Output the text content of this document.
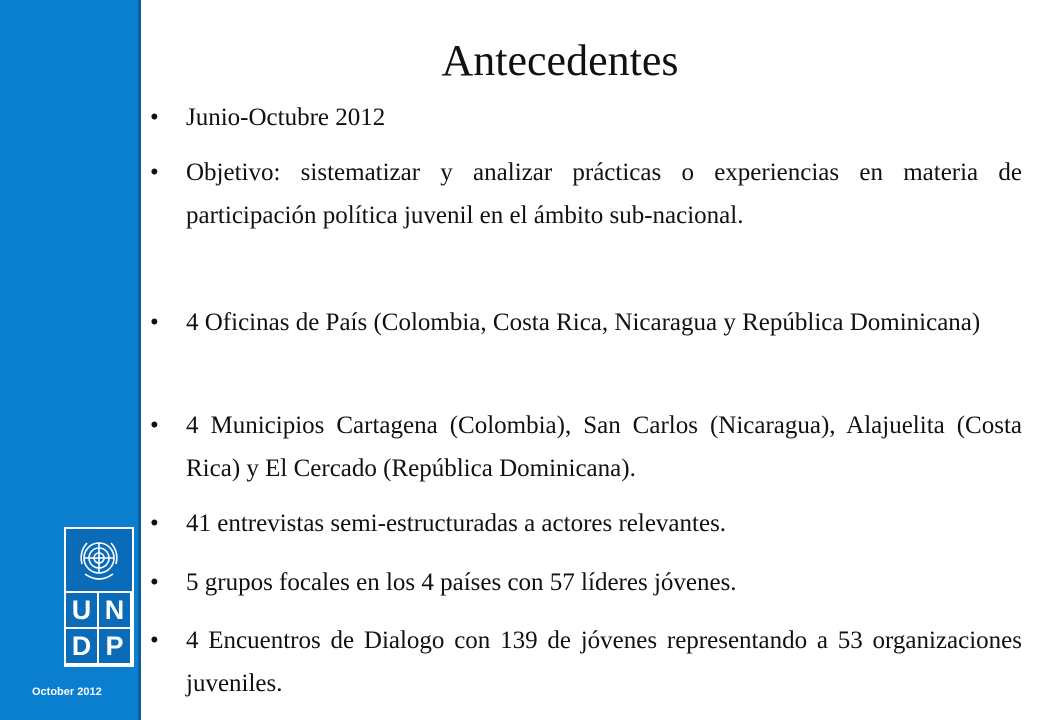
U N
D P
October 2012
Antecedentes
•	Junio-Octubre 2012
•	Objetivo: sistematizar y analizar prácticas o experiencias en materia de participación política juvenil en el ámbito sub-nacional.
•	4 Oficinas de País (Colombia, Costa Rica, Nicaragua y República Dominicana)
•	4 Municipios Cartagena (Colombia), San Carlos (Nicaragua), Alajuelita (Costa Rica) y El Cercado (República Dominicana).
•	41 entrevistas semi-estructuradas a actores relevantes.
•	5 grupos focales en los 4 países con 57 líderes jóvenes.
•	4 Encuentros de Dialogo con 139 de jóvenes representando a 53 organizaciones juveniles.
